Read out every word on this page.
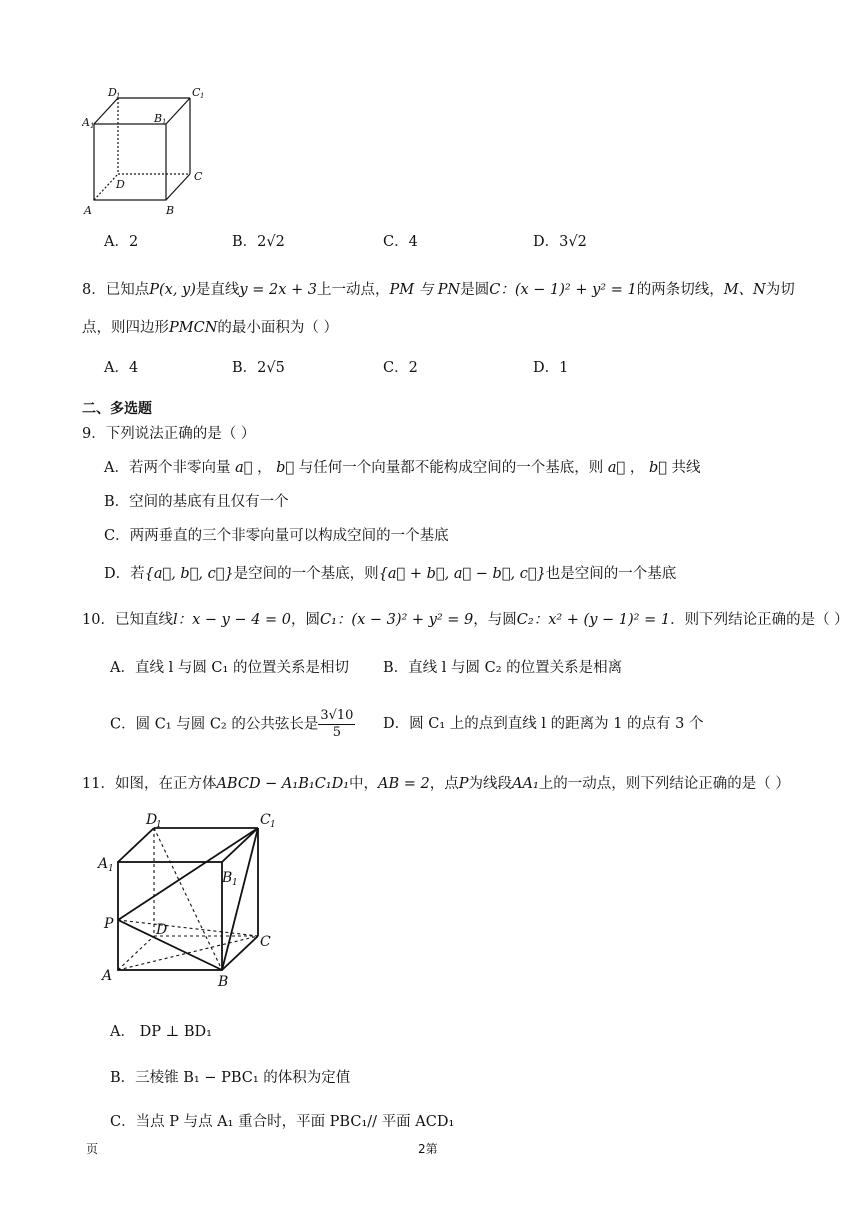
D 1	C 1
A 1
B 1
D
C
A	B
A．2	B．2√2	C．4	D．3√2
8．已知点P(x, y)是直线y = 2x + 3上一动点，PM 与 PN是圆C：(x − 1)² + y² = 1的两条切线，M、N为切
点，则四边形PMCN的最小面积为（ ）
A．4	B．2√5	C．2	D．1
二、多选题
9．下列说法正确的是（ ）
A．若两个非零向量 a⃗ ， b⃗ 与任何一个向量都不能构成空间的一个基底，则 a⃗ ， b⃗ 共线
B．空间的基底有且仅有一个
C．两两垂直的三个非零向量可以构成空间的一个基底
D．若{a⃗, b⃗, c⃗}是空间的一个基底，则{a⃗ + b⃗, a⃗ − b⃗, c⃗}也是空间的一个基底
10．已知直线l：x − y − 4 = 0，圆C₁：(x − 3)² + y² = 9，与圆C₂：x² + (y − 1)² = 1．则下列结论正确的是（ ）
A．直线 l 与圆 C₁ 的位置关系是相切 B．直线 l 与圆 C₂ 的位置关系是相离
C．圆 C₁ 与圆 C₂ 的公共弦长是 $\frac{3√10}{5}$ D．圆 C₁ 上的点到直线 l 的距离为 1 的点有 3 个
11．如图，在正方体ABCD − A₁B₁C₁D₁中，AB = 2，点P为线段AA₁上的一动点，则下列结论正确的是（ ）
D
1	C 1
A 1
B 1
P	D
C
A	B
A． DP ⊥ BD₁
B．三棱锥 B₁ − PBC₁ 的体积为定值
C．当点 P 与点 A₁ 重合时，平面 PBC₁// 平面 ACD₁
页	2第
